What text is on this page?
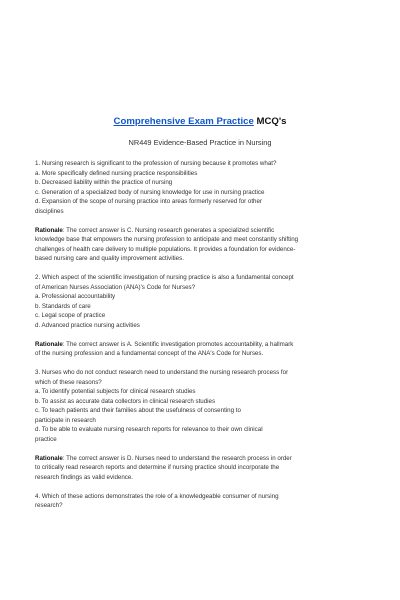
Comprehensive Exam Practice MCQ's
NR449 Evidence-Based Practice in Nursing
1. Nursing research is significant to the profession of nursing because it promotes what?
a. More specifically defined nursing practice responsibilities
b. Decreased liability within the practice of nursing
c. Generation of a specialized body of nursing knowledge for use in nursing practice
d. Expansion of the scope of nursing practice into areas formerly reserved for other
disciplines
Rationale: The correct answer is C. Nursing research generates a specialized scientific
knowledge base that empowers the nursing profession to anticipate and meet constantly shifting
challenges of health care delivery to multiple populations. It provides a foundation for evidence-
based nursing care and quality improvement activities.
2. Which aspect of the scientific investigation of nursing practice is also a fundamental concept
of American Nurses Association (ANA)'s Code for Nurses?
a. Professional accountability
b. Standards of care
c. Legal scope of practice
d. Advanced practice nursing activities
Rationale: The correct answer is A. Scientific investigation promotes accountability, a hallmark
of the nursing profession and a fundamental concept of the ANA's Code for Nurses.
3. Nurses who do not conduct research need to understand the nursing research process for
which of these reasons?
a. To identify potential subjects for clinical research studies
b. To assist as accurate data collectors in clinical research studies
c. To teach patients and their families about the usefulness of consenting to
participate in research
d. To be able to evaluate nursing research reports for relevance to their own clinical
practice
Rationale: The correct answer is D. Nurses need to understand the research process in order
to critically read research reports and determine if nursing practice should incorporate the
research findings as valid evidence.
4. Which of these actions demonstrates the role of a knowledgeable consumer of nursing
research?
